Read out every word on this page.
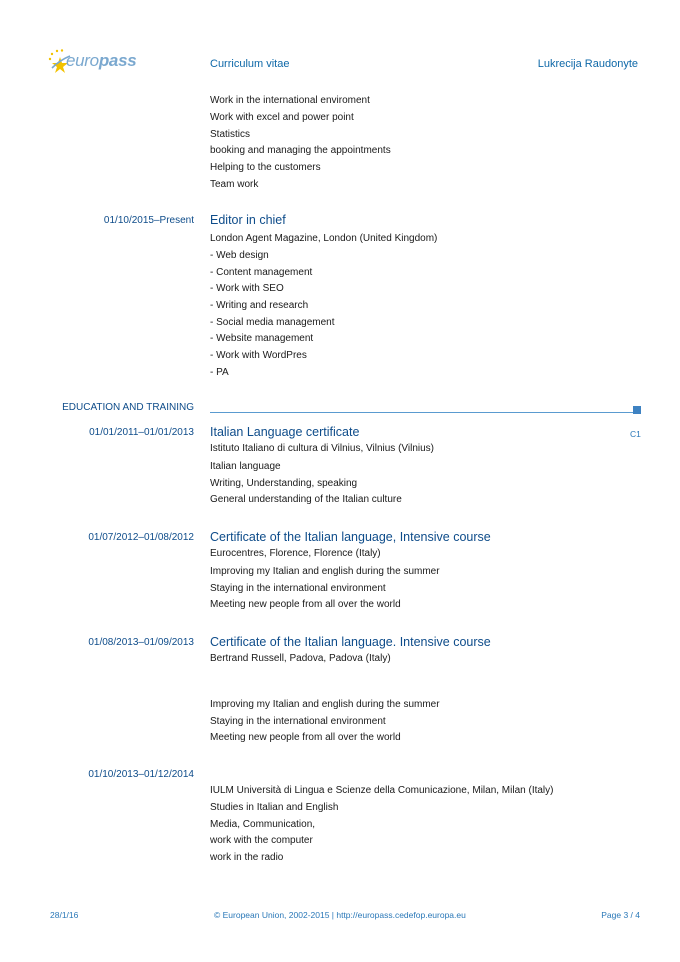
europass	Curriculum vitae	Lukrecija Raudonyte
Work in the international enviroment
Work with excel and power point
Statistics
booking and managing the appointments
Helping to the customers
Team work
01/10/2015–Present Editor in chief
London Agent Magazine, London (United Kingdom)
- Web design
- Content management
- Work with SEO
- Writing and research
- Social media management
- Website management
- Work with WordPres
- PA
EDUCATION AND TRAINING
01/01/2011–01/01/2013 Italian Language certificate	C1
Istituto Italiano di cultura di Vilnius, Vilnius (Vilnius)
Italian language
Writing, Understanding, speaking
General understanding of the Italian culture
01/07/2012–01/08/2012 Certificate of the Italian language, Intensive course
Eurocentres, Florence, Florence (Italy)
Improving my Italian and english during the summer
Staying in the international environment
Meeting new people from all over the world
01/08/2013–01/09/2013 Certificate of the Italian language. Intensive course
Bertrand Russell, Padova, Padova (Italy)
Improving my Italian and english during the summer
Staying in the international environment
Meeting new people from all over the world
01/10/2013–01/12/2014
IULM Università di Lingua e Scienze della Comunicazione, Milan, Milan (Italy)
Studies in Italian and English
Media, Communication,
work with the computer
work in the radio
28/1/16	© European Union, 2002-2015 | http://europass.cedefop.europa.eu	Page 3 / 4
